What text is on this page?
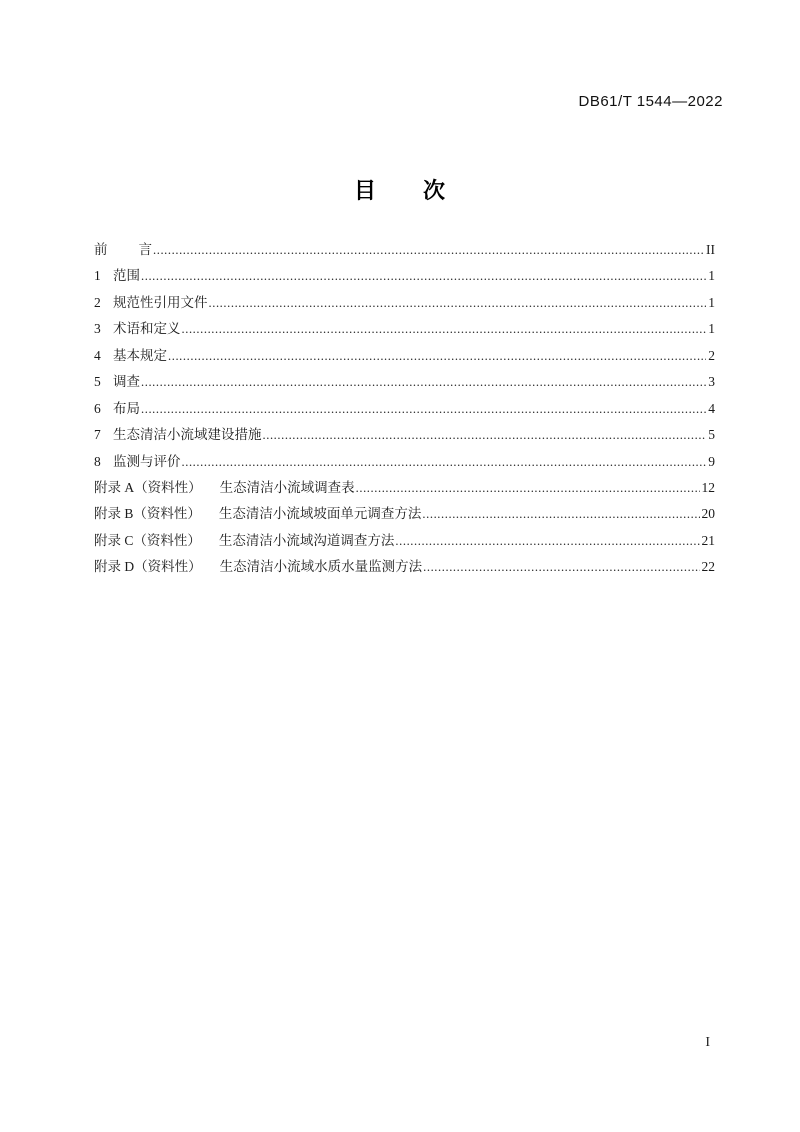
DB61/T 1544—2022
目　　次
前 言 .....	II
1 范围 .....	1
2 规范性引用文件 .....	1
3 术语和定义 .....	1
4 基本规定 .....	2
5 调查 .....	3
6 布局 .....	4
7 生态清洁小流域建设措施 .....	5
8 监测与评价 .....	9
附录 A（资料性） 生态清洁小流域调查表 .....	12
附录 B（资料性） 生态清洁小流域坡面单元调查方法 .....	20
附录 C（资料性） 生态清洁小流域沟道调查方法 .....	21
附录 D（资料性） 生态清洁小流域水质水量监测方法 .....	22
I
